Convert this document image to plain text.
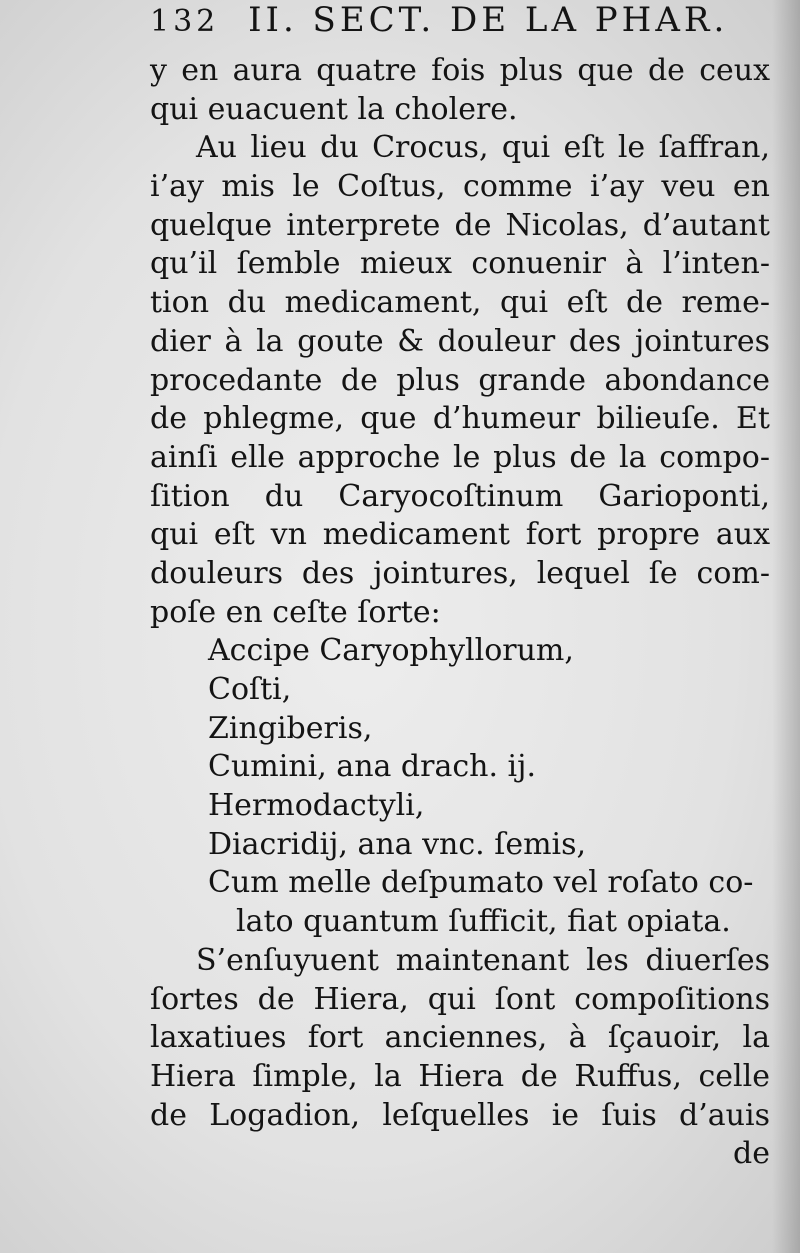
132 II. SECT. DE LA PHAR.
y en aura quatre fois plus que de ceux
qui euacuent la cholere.
Au lieu du Crocus, qui eſt le ſaffran,
i’ay mis le Coſtus, comme i’ay veu en
quelque interprete de Nicolas, d’autant
qu’il ſemble mieux conuenir à l’inten-
tion du medicament, qui eſt de reme-
dier à la goute & douleur des jointures
procedante de plus grande abondance
de phlegme, que d’humeur bilieuſe. Et
ainſi elle approche le plus de la compo-
ſition du Caryocoſtinum Garioponti,
qui eſt vn medicament fort propre aux
douleurs des jointures, lequel ſe com-
poſe en ceſte ſorte:
Accipe Caryophyllorum,
Coſti,
Zingiberis,
Cumini, ana drach. ij.
Hermodactyli,
Diacridij, ana vnc. ſemis,
Cum melle deſpumato vel roſato co-
lato quantum ſufficit, fiat opiata.
S’enſuyuent maintenant les diuerſes
ſortes de Hiera, qui ſont compoſitions
laxatiues fort anciennes, à ſçauoir, la
Hiera ſimple, la Hiera de Ruffus, celle
de Logadion, leſquelles ie ſuis d’auis
de
